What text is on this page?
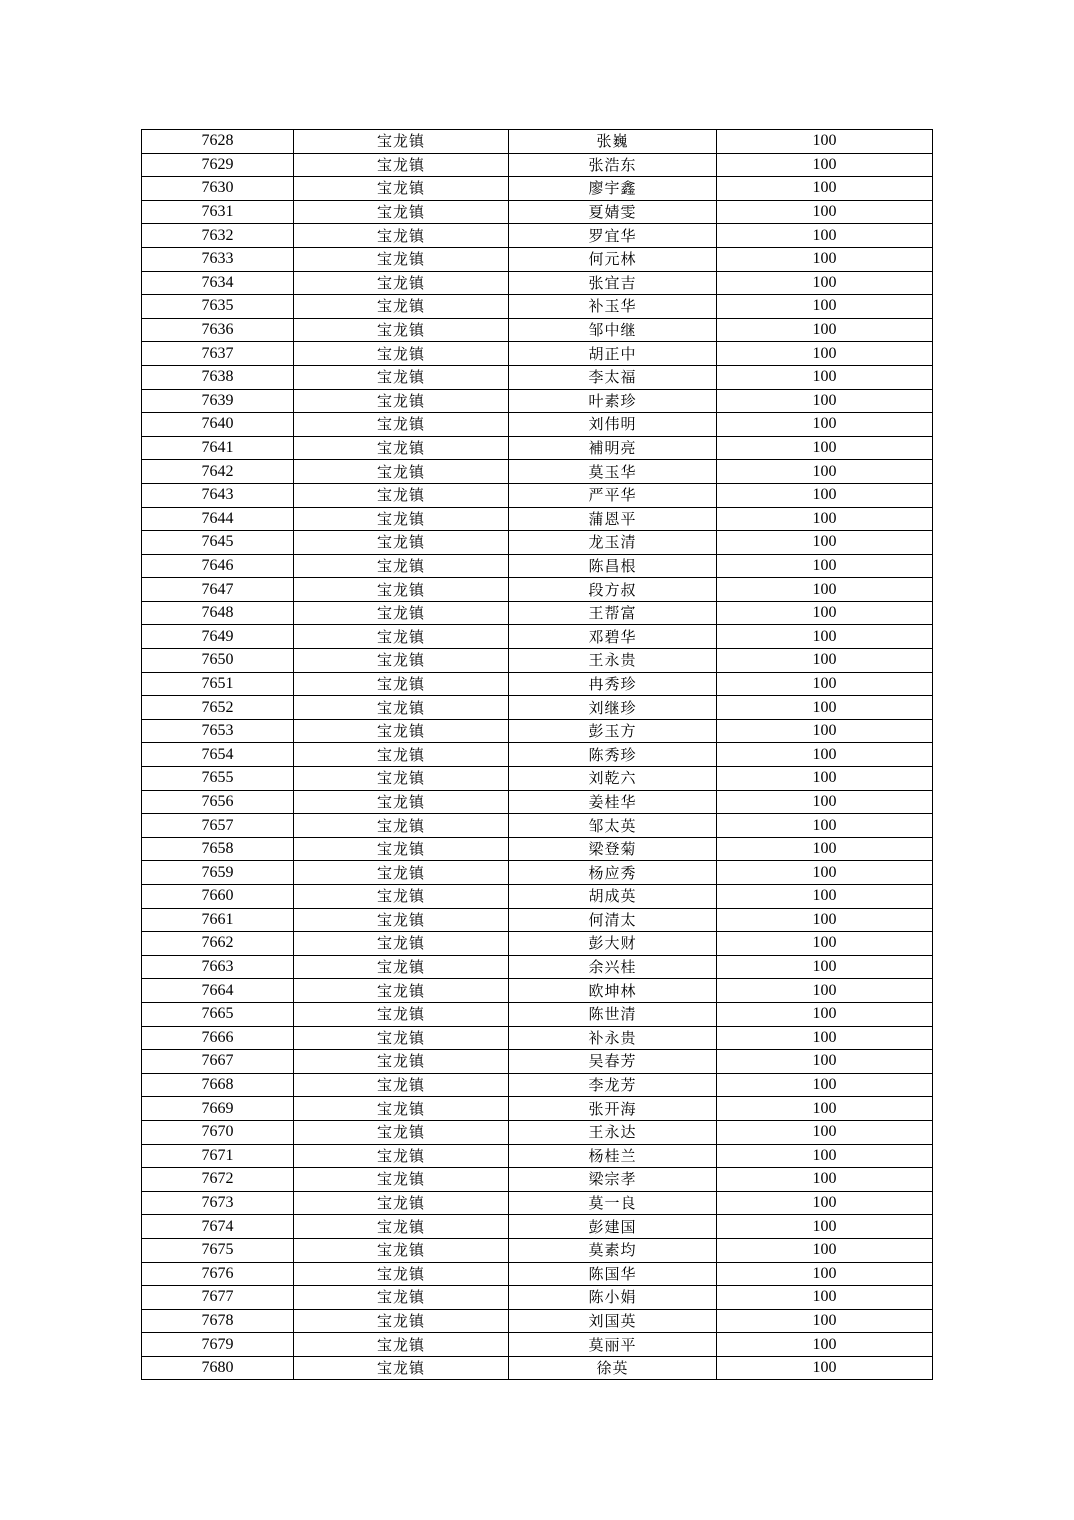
7628	宝龙镇	张巍	100
7629	宝龙镇	张浩东	100
7630	宝龙镇	廖宇鑫	100
7631	宝龙镇	夏婧雯	100
7632	宝龙镇	罗宜华	100
7633	宝龙镇	何元林	100
7634	宝龙镇	张宜吉	100
7635	宝龙镇	补玉华	100
7636	宝龙镇	邹中继	100
7637	宝龙镇	胡正中	100
7638	宝龙镇	李太福	100
7639	宝龙镇	叶素珍	100
7640	宝龙镇	刘伟明	100
7641	宝龙镇	補明亮	100
7642	宝龙镇	莫玉华	100
7643	宝龙镇	严平华	100
7644	宝龙镇	蒲恩平	100
7645	宝龙镇	龙玉清	100
7646	宝龙镇	陈昌根	100
7647	宝龙镇	段方叔	100
7648	宝龙镇	王帮富	100
7649	宝龙镇	邓碧华	100
7650	宝龙镇	王永贵	100
7651	宝龙镇	冉秀珍	100
7652	宝龙镇	刘继珍	100
7653	宝龙镇	彭玉方	100
7654	宝龙镇	陈秀珍	100
7655	宝龙镇	刘乾六	100
7656	宝龙镇	姜桂华	100
7657	宝龙镇	邹太英	100
7658	宝龙镇	梁登菊	100
7659	宝龙镇	杨应秀	100
7660	宝龙镇	胡成英	100
7661	宝龙镇	何清太	100
7662	宝龙镇	彭大财	100
7663	宝龙镇	余兴桂	100
7664	宝龙镇	欧坤林	100
7665	宝龙镇	陈世清	100
7666	宝龙镇	补永贵	100
7667	宝龙镇	吴春芳	100
7668	宝龙镇	李龙芳	100
7669	宝龙镇	张开海	100
7670	宝龙镇	王永达	100
7671	宝龙镇	杨桂兰	100
7672	宝龙镇	梁宗孝	100
7673	宝龙镇	莫一良	100
7674	宝龙镇	彭建国	100
7675	宝龙镇	莫素均	100
7676	宝龙镇	陈国华	100
7677	宝龙镇	陈小娟	100
7678	宝龙镇	刘国英	100
7679	宝龙镇	莫丽平	100
7680	宝龙镇	徐英	100
